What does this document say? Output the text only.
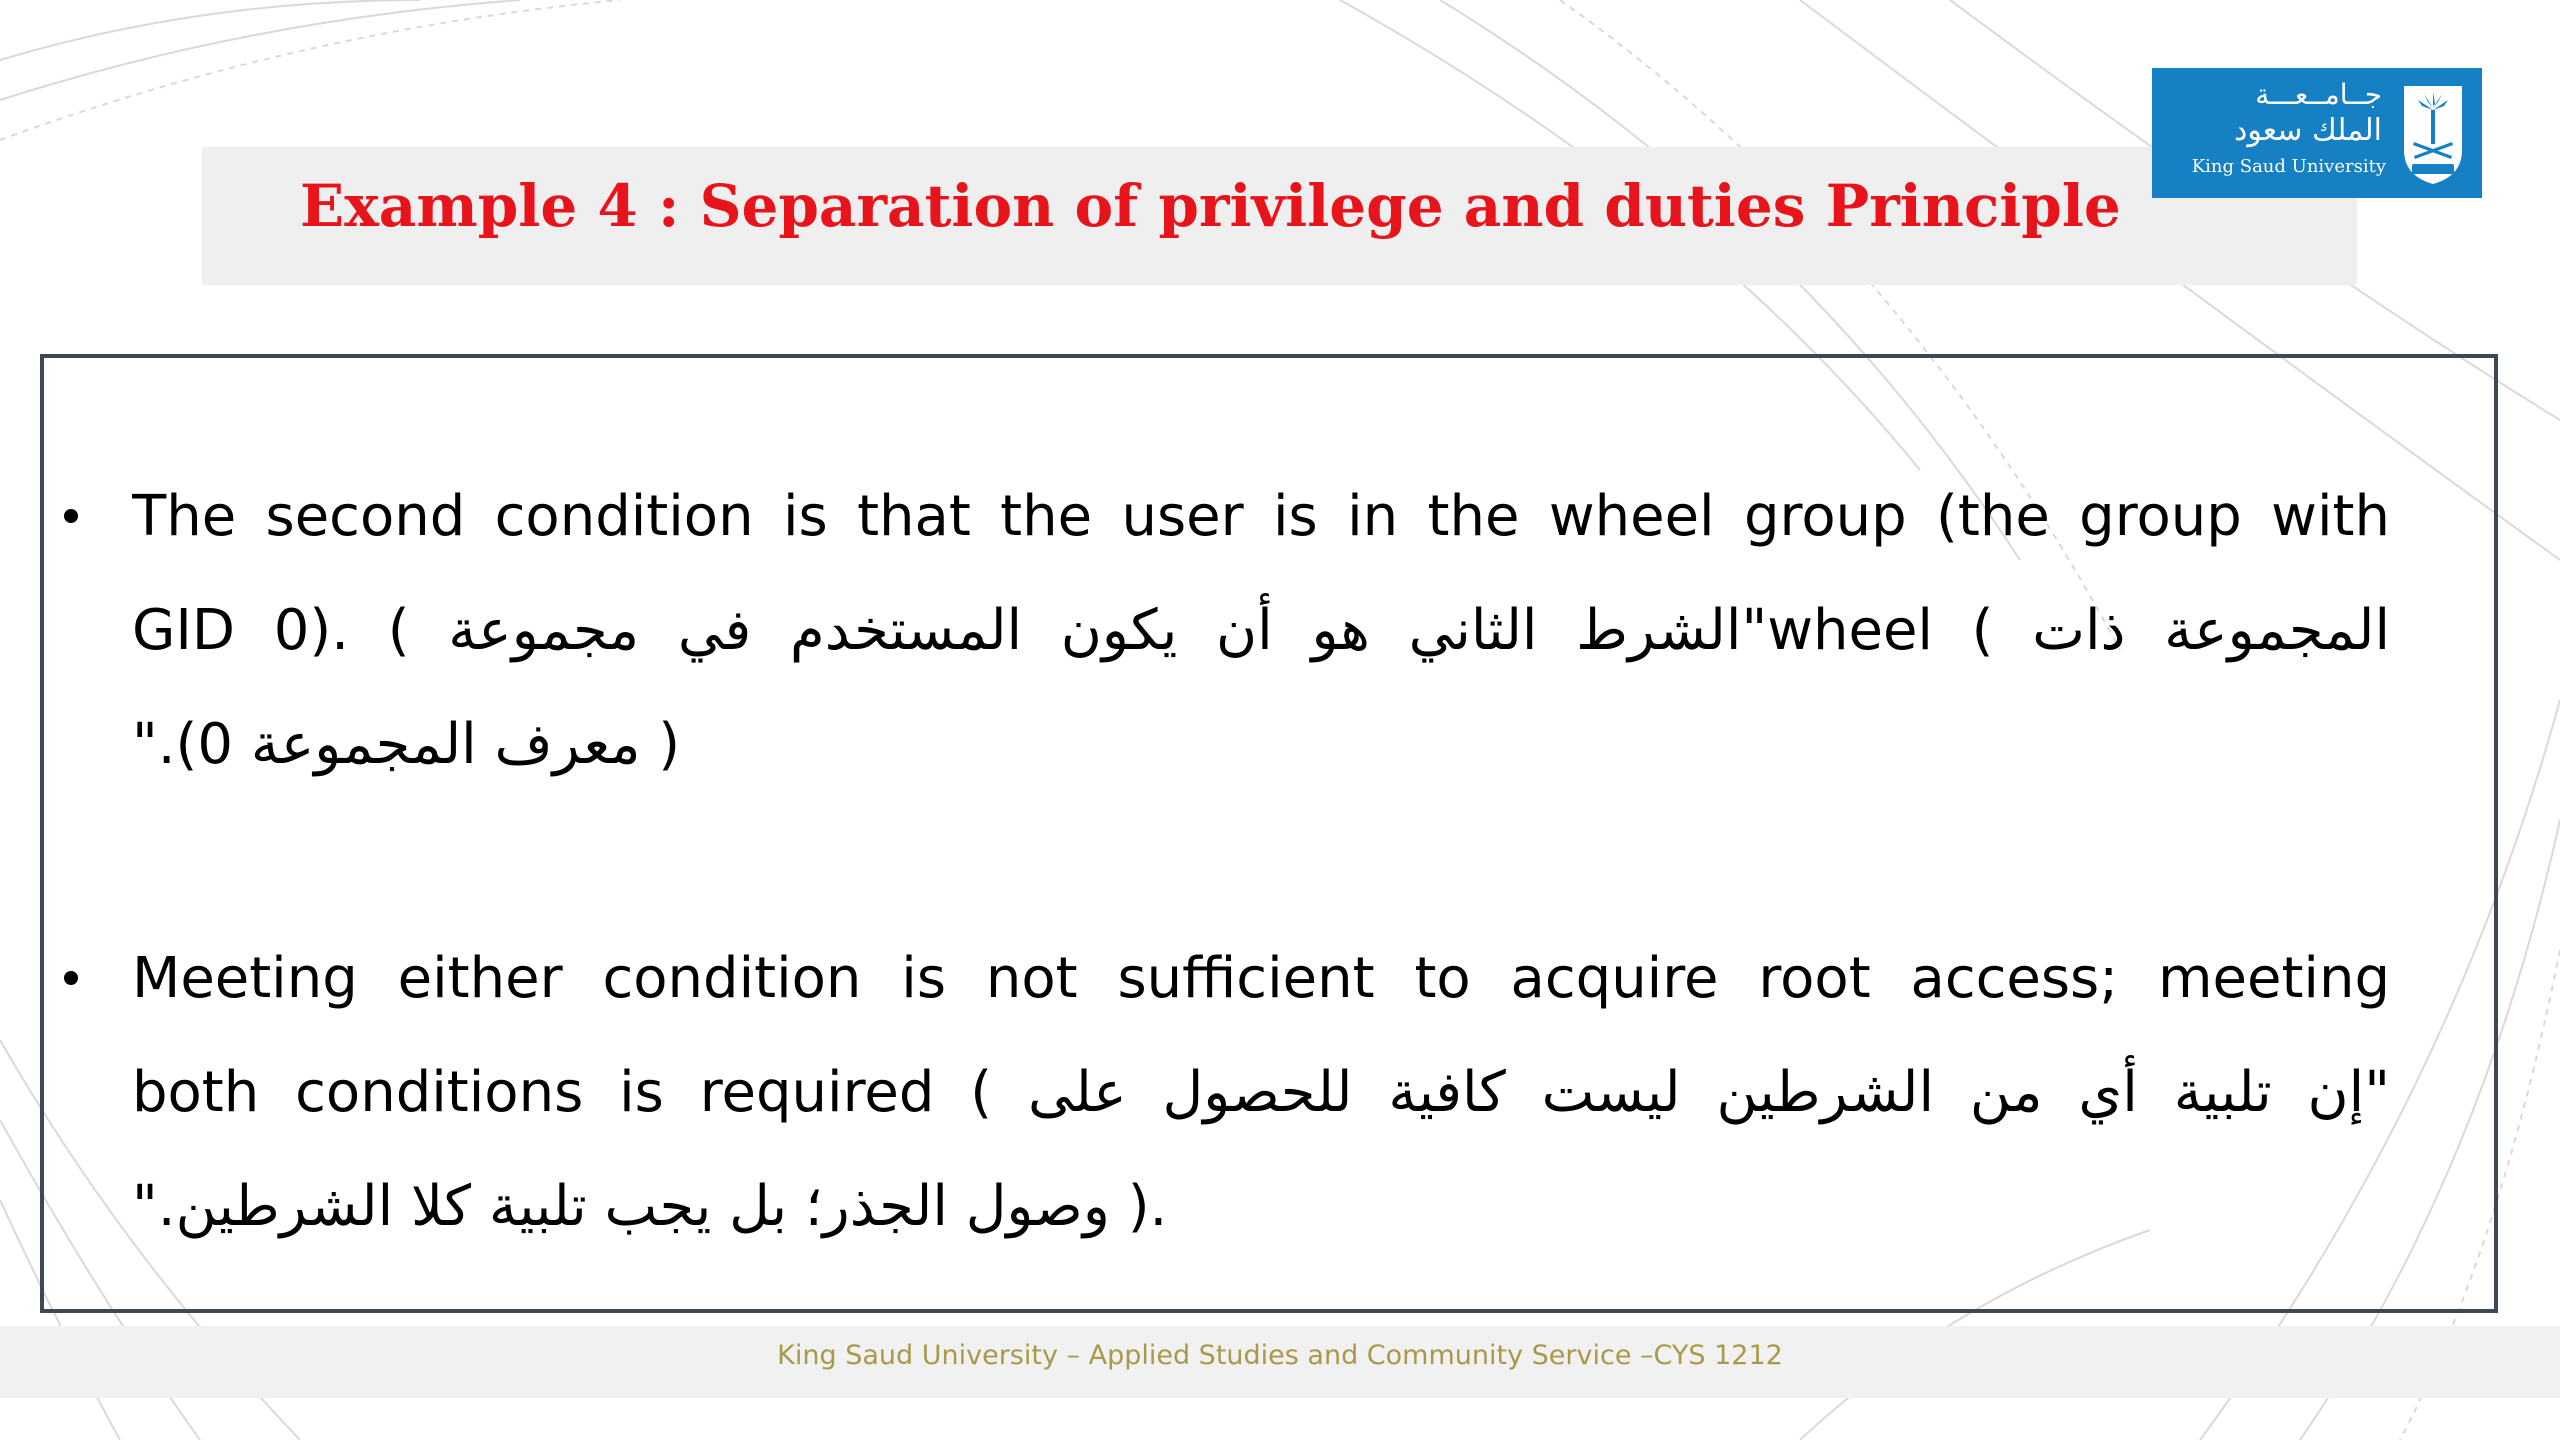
Example 4 : Separation of privilege and duties Principle
جــامــعـــة
الملك سعود
King Saud University
The second condition is that the user is in the wheel group (the group with
GID 0). ( الشرط الثاني هو أن يكون المستخدم في مجموعة"wheel ( المجموعة ذات
".(0 معرف المجموعة )
Meeting either condition is not sufficient to acquire root access; meeting
both conditions is required ( إن تلبية أي من الشرطين ليست كافية للحصول على"
".وصول الجذر؛ بل يجب تلبية كلا الشرطين ).
King Saud University – Applied Studies and Community Service –CYS 1212
